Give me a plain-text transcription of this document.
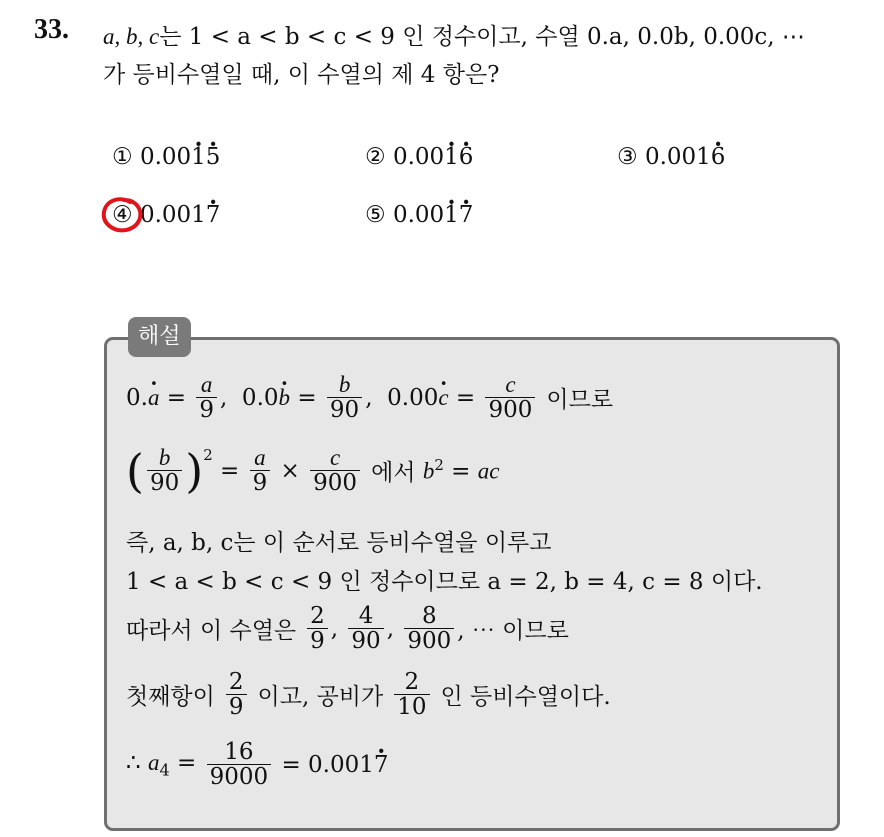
33. a, b, c는 1 < a < b < c < 9 인 정수이고, 수열 0.a, 0.0b, 0.00c, ⋯
가 등비수열일 때, 이 수열의 제 4 항은?
① 0.00· 1· 5	② 0.00· 1· 6	③ 0.001· 6
④ 0.001· 7	⑤ 0.00· 1· 7
해설
0. · $a = \frac{a}{9}$ ,  $0.0 \cdot b = \frac{b}{90}$ ,  $0.00 \cdot c = \frac{c}{900}$ 이므로
( $\frac{b}{90} )^2$
= $\frac{a}{9} \times \frac{c}{900}$ 에서 $b^2$ = ac
즉, a, b, c는 이 순서로 등비수열을 이루고
1 < a < b < c < 9 인 정수이므로 a = 2, b = 4, c = 8 이다.
따라서 이 수열은 $\frac{2}{9}$ , $\frac{4}{90}$ , $\frac{8}{900}$ , ⋯ 이므로
첫째항이 $\frac{2}{9}$ 이고, 공비가 $\frac{2}{10}$ 인 등비수열이다.
∴ $a_4 = \frac{16}{9000}$
= 0.001 · 7
